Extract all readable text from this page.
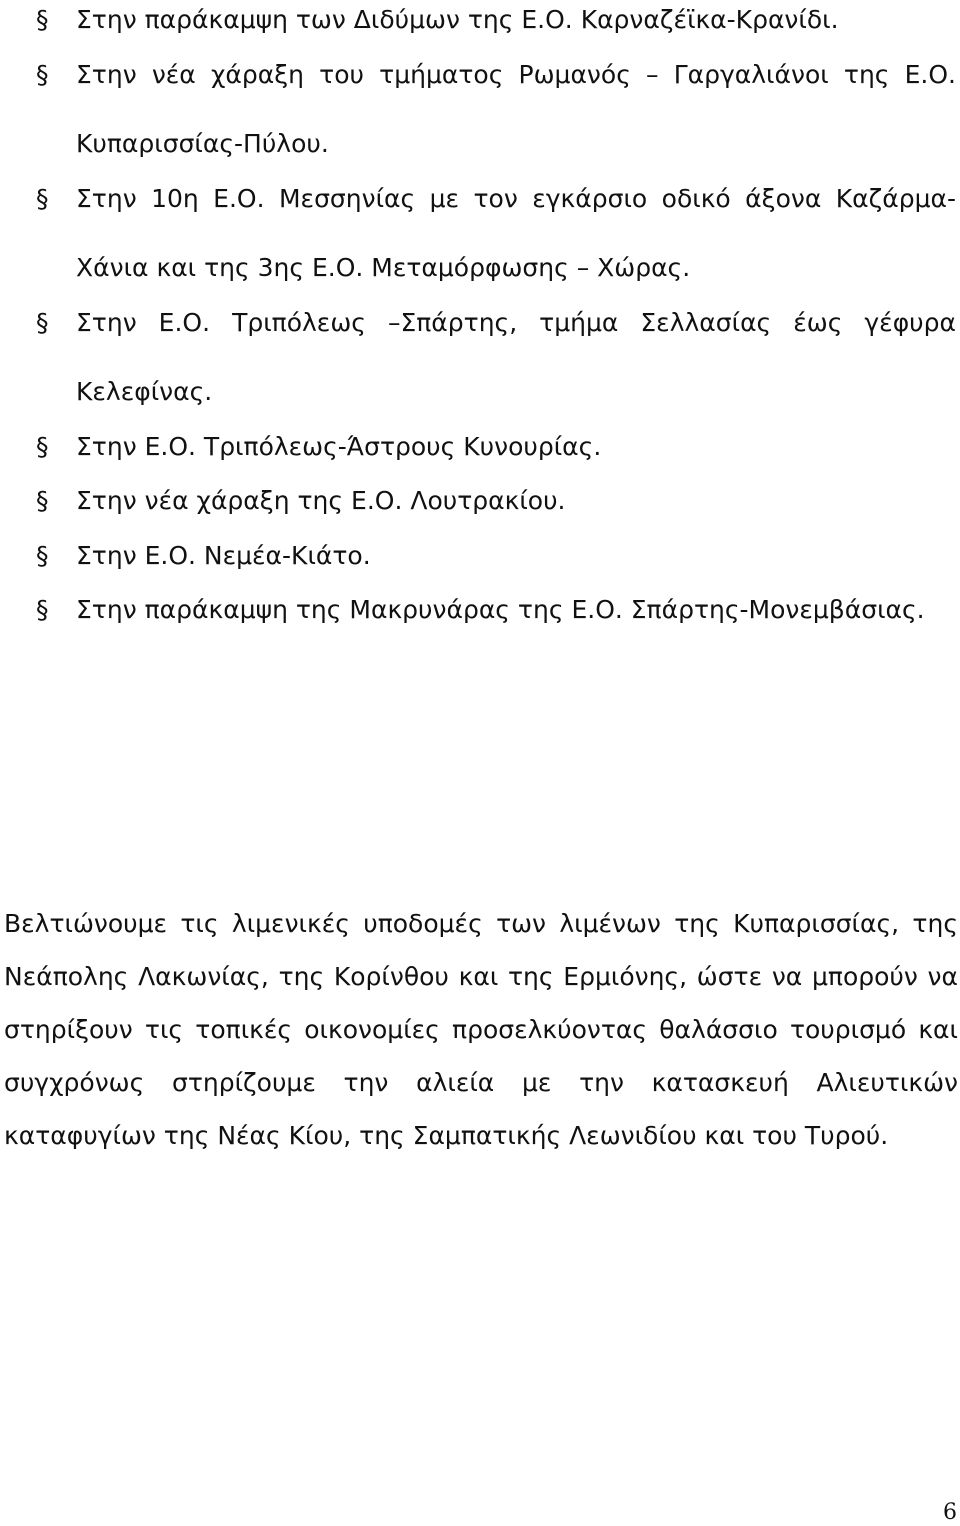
§ Στην παράκαμψη των Διδύμων της Ε.Ο. Καρναζέϊκα-Κρανίδι.
§ Στην νέα χάραξη του τμήματος Ρωμανός – Γαργαλιάνοι της Ε.Ο. Κυπαρισσίας-Πύλου.
§ Στην 10η Ε.Ο. Μεσσηνίας με τον εγκάρσιο οδικό άξονα Καζάρμα-Χάνια και της 3ης Ε.Ο. Μεταμόρφωσης – Χώρας.
§ Στην Ε.Ο. Τριπόλεως –Σπάρτης, τμήμα Σελλασίας έως γέφυρα Κελεφίνας.
§ Στην Ε.Ο. Τριπόλεως-Άστρους Κυνουρίας.
§ Στην νέα χάραξη της Ε.Ο. Λουτρακίου.
§ Στην Ε.Ο. Νεμέα-Κιάτο.
§ Στην παράκαμψη της Μακρυνάρας της Ε.Ο. Σπάρτης-Μονεμβάσιας.

Βελτιώνουμε τις λιμενικές υποδομές των λιμένων της Κυπαρισσίας, της Νεάπολης Λακωνίας, της Κορίνθου και της Ερμιόνης, ώστε να μπορούν να στηρίξουν τις τοπικές οικονομίες προσελκύοντας θαλάσσιο τουρισμό και συγχρόνως στηρίζουμε την αλιεία με την κατασκευή Αλιευτικών καταφυγίων της Νέας Κίου, της Σαμπατικής Λεωνιδίου και του Τυρού.

6
